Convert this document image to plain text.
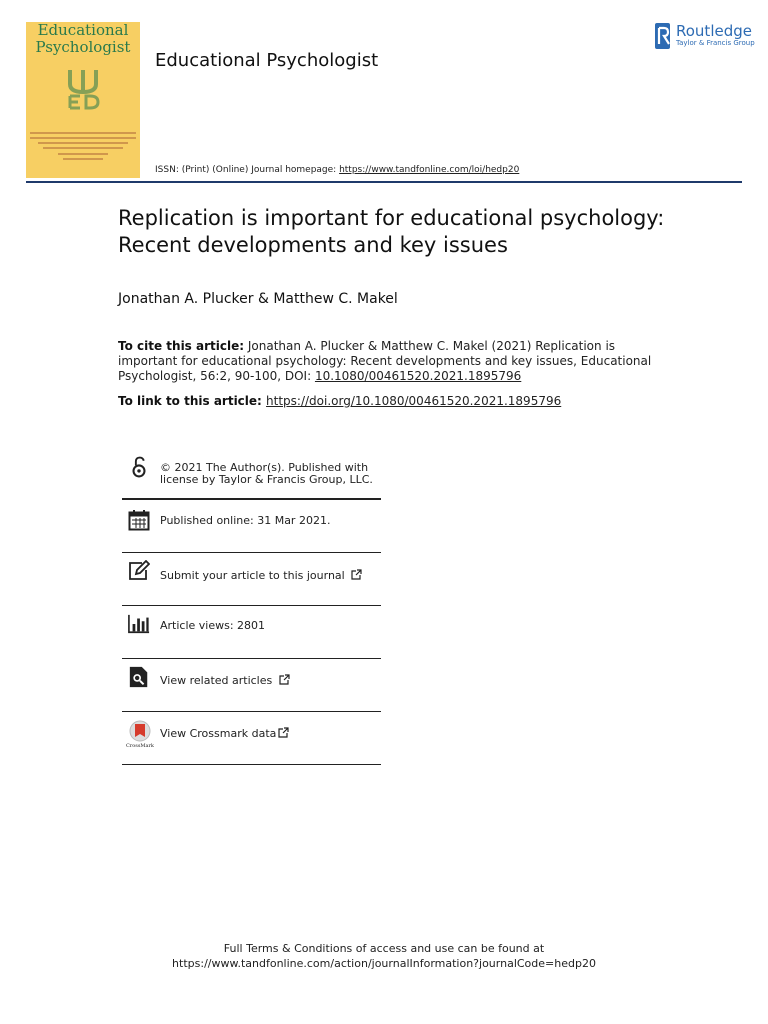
Educational
Psychologist
Educational Psychologist
Routledge
Taylor & Francis Group
ISSN: (Print) (Online) Journal homepage: https://www.tandfonline.com/loi/hedp20
Replication is important for educational psychology: Recent developments and key issues
Jonathan A. Plucker & Matthew C. Makel
To cite this article: Jonathan A. Plucker & Matthew C. Makel (2021) Replication is important for educational psychology: Recent developments and key issues, Educational Psychologist, 56:2, 90-100, DOI: 10.1080/00461520.2021.1895796
To link to this article: https://doi.org/10.1080/00461520.2021.1895796
© 2021 The Author(s). Published with
license by Taylor & Francis Group, LLC.
Published online: 31 Mar 2021.
Submit your article to this journal
Article views: 2801
View related articles
CrossMark
View Crossmark data
Full Terms & Conditions of access and use can be found at
https://www.tandfonline.com/action/journalInformation?journalCode=hedp20
